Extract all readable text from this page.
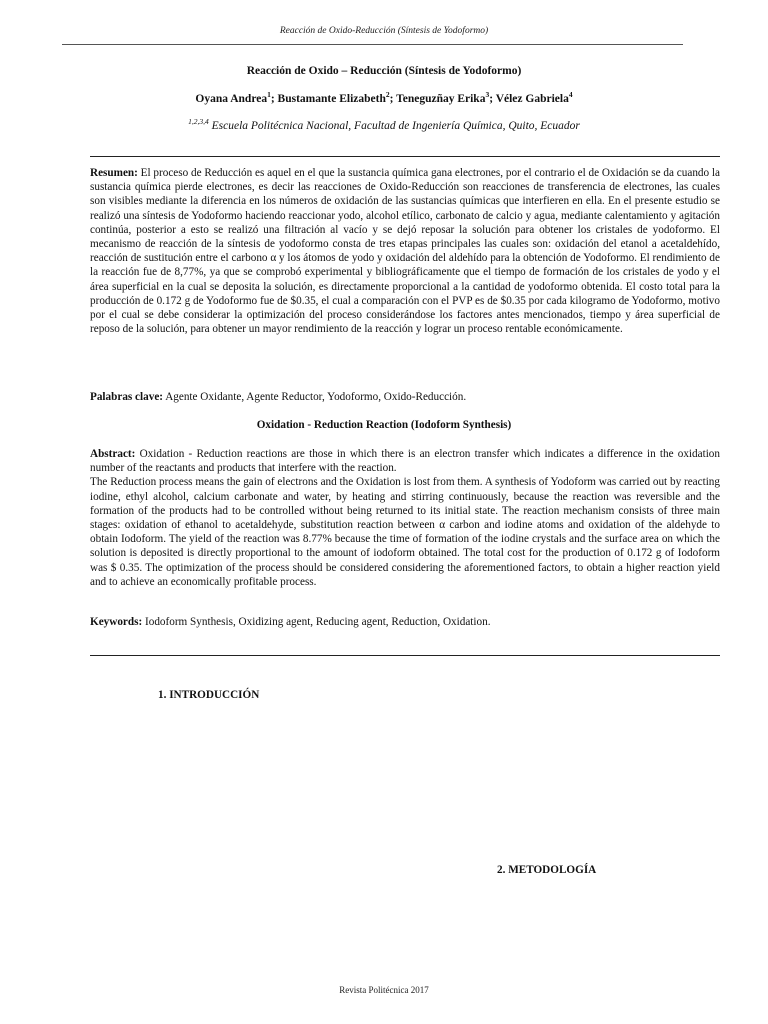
Reacción de Oxido-Reducción (Síntesis de Yodoformo)
Reacción de Oxido – Reducción (Síntesis de Yodoformo)
Oyana Andrea$^1$; Bustamante Elizabeth$^2$; Teneguzñay Erika$^3$; Vélez Gabriela$^4$
$^{1,2,3,4}$ Escuela Politécnica Nacional, Facultad de Ingeniería Química, Quito, Ecuador

Resumen: El proceso de Reducción es aquel en el que la sustancia química gana electrones, por el contrario el de Oxidación se da cuando la sustancia química pierde electrones, es decir las reacciones de Oxido-Reducción son reacciones de transferencia de electrones, las cuales son visibles mediante la diferencia en los números de oxidación de las sustancias químicas que interfieren en ella. En el presente estudio se realizó una síntesis de Yodoformo haciendo reaccionar yodo, alcohol etílico, carbonato de calcio y agua, mediante calentamiento y agitación continúa, posterior a esto se realizó una filtración al vacío y se dejó reposar la solución para obtener los cristales de yodoformo. El mecanismo de reacción de la síntesis de yodoformo consta de tres etapas principales las cuales son: oxidación del etanol a acetaldehído, reacción de sustitución entre el carbono α y los átomos de yodo y oxidación del aldehído para la obtención de Yodoformo. El rendimiento de la reacción fue de 8,77%, ya que se comprobó experimental y bibliográficamente que el tiempo de formación de los cristales de yodo y el área superficial en la cual se deposita la solución, es directamente proporcional a la cantidad de yodoformo obtenida. El costo total para la producción de 0.172 g de Yodoformo fue de $0.35, el cual a comparación con el PVP es de $0.35 por cada kilogramo de Yodoformo, motivo por el cual se debe considerar la optimización del proceso considerándose los factores antes mencionados, tiempo y área superficial de reposo de la solución, para obtener un mayor rendimiento de la reacción y lograr un proceso rentable económicamente.

Palabras clave: Agente Oxidante, Agente Reductor, Yodoformo, Oxido-Reducción.

Oxidation - Reduction Reaction (Iodoform Synthesis)

Abstract: Oxidation - Reduction reactions are those in which there is an electron transfer which indicates a difference in the oxidation number of the reactants and products that interfere with the reaction.

The Reduction process means the gain of electrons and the Oxidation is lost from them. A synthesis of Yodoform was carried out by reacting iodine, ethyl alcohol, calcium carbonate and water, by heating and stirring continuously, because the reaction was reversible and the formation of the products had to be controlled without being returned to its initial state. The reaction mechanism consists of three main stages: oxidation of ethanol to acetaldehyde, substitution reaction between α carbon and iodine atoms and oxidation of the aldehyde to obtain Iodoform. The yield of the reaction was 8.77% because the time of formation of the iodine crystals and the surface area on which the solution is deposited is directly proportional to the amount of iodoform obtained. The total cost for the production of 0.172 g of Iodoform was $ 0.35. The optimization of the process should be considered considering the aforementioned factors, to obtain a higher reaction yield and to achieve an economically profitable process.

Keywords: Iodoform Synthesis, Oxidizing agent, Reducing agent, Reduction, Oxidation.

1. INTRODUCCIÓN
2. METODOLOGÍA
Revista Politécnica 2017
